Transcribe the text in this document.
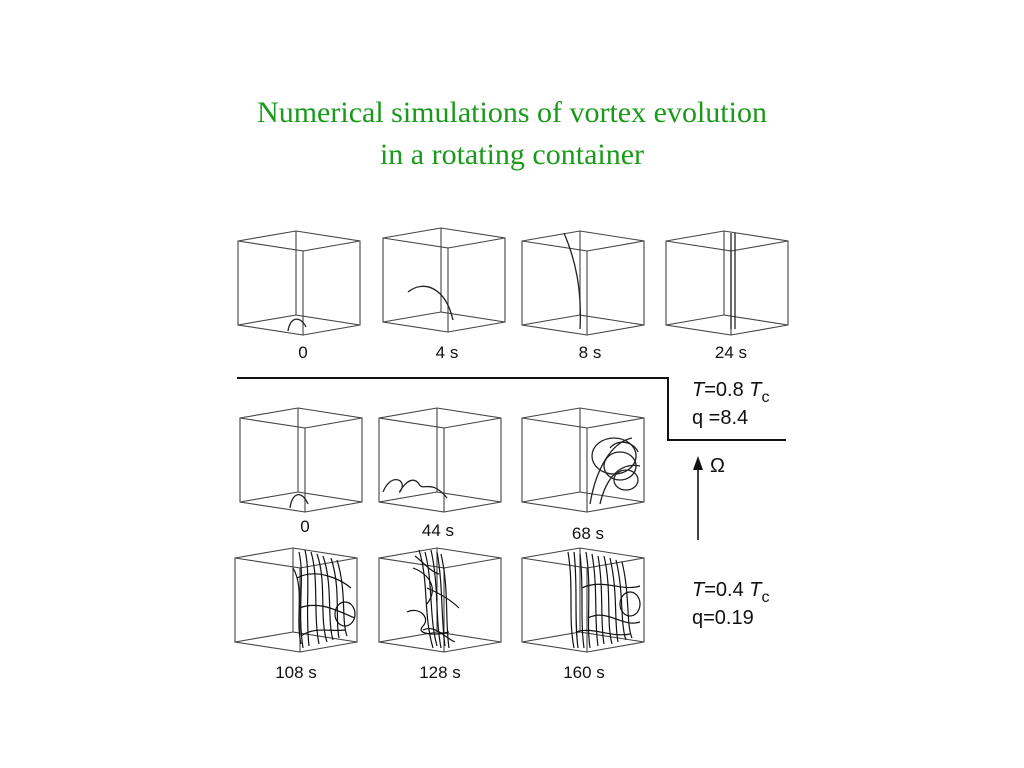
Numerical simulations of vortex evolution
in a rotating container
0	4 s	8 s	24 s
T=0.8 $T_c$
q =8.4
Ω
0	44 s	68 s
108 s	128 s	160 s
T=0.4 $T_c$
q=0.19
